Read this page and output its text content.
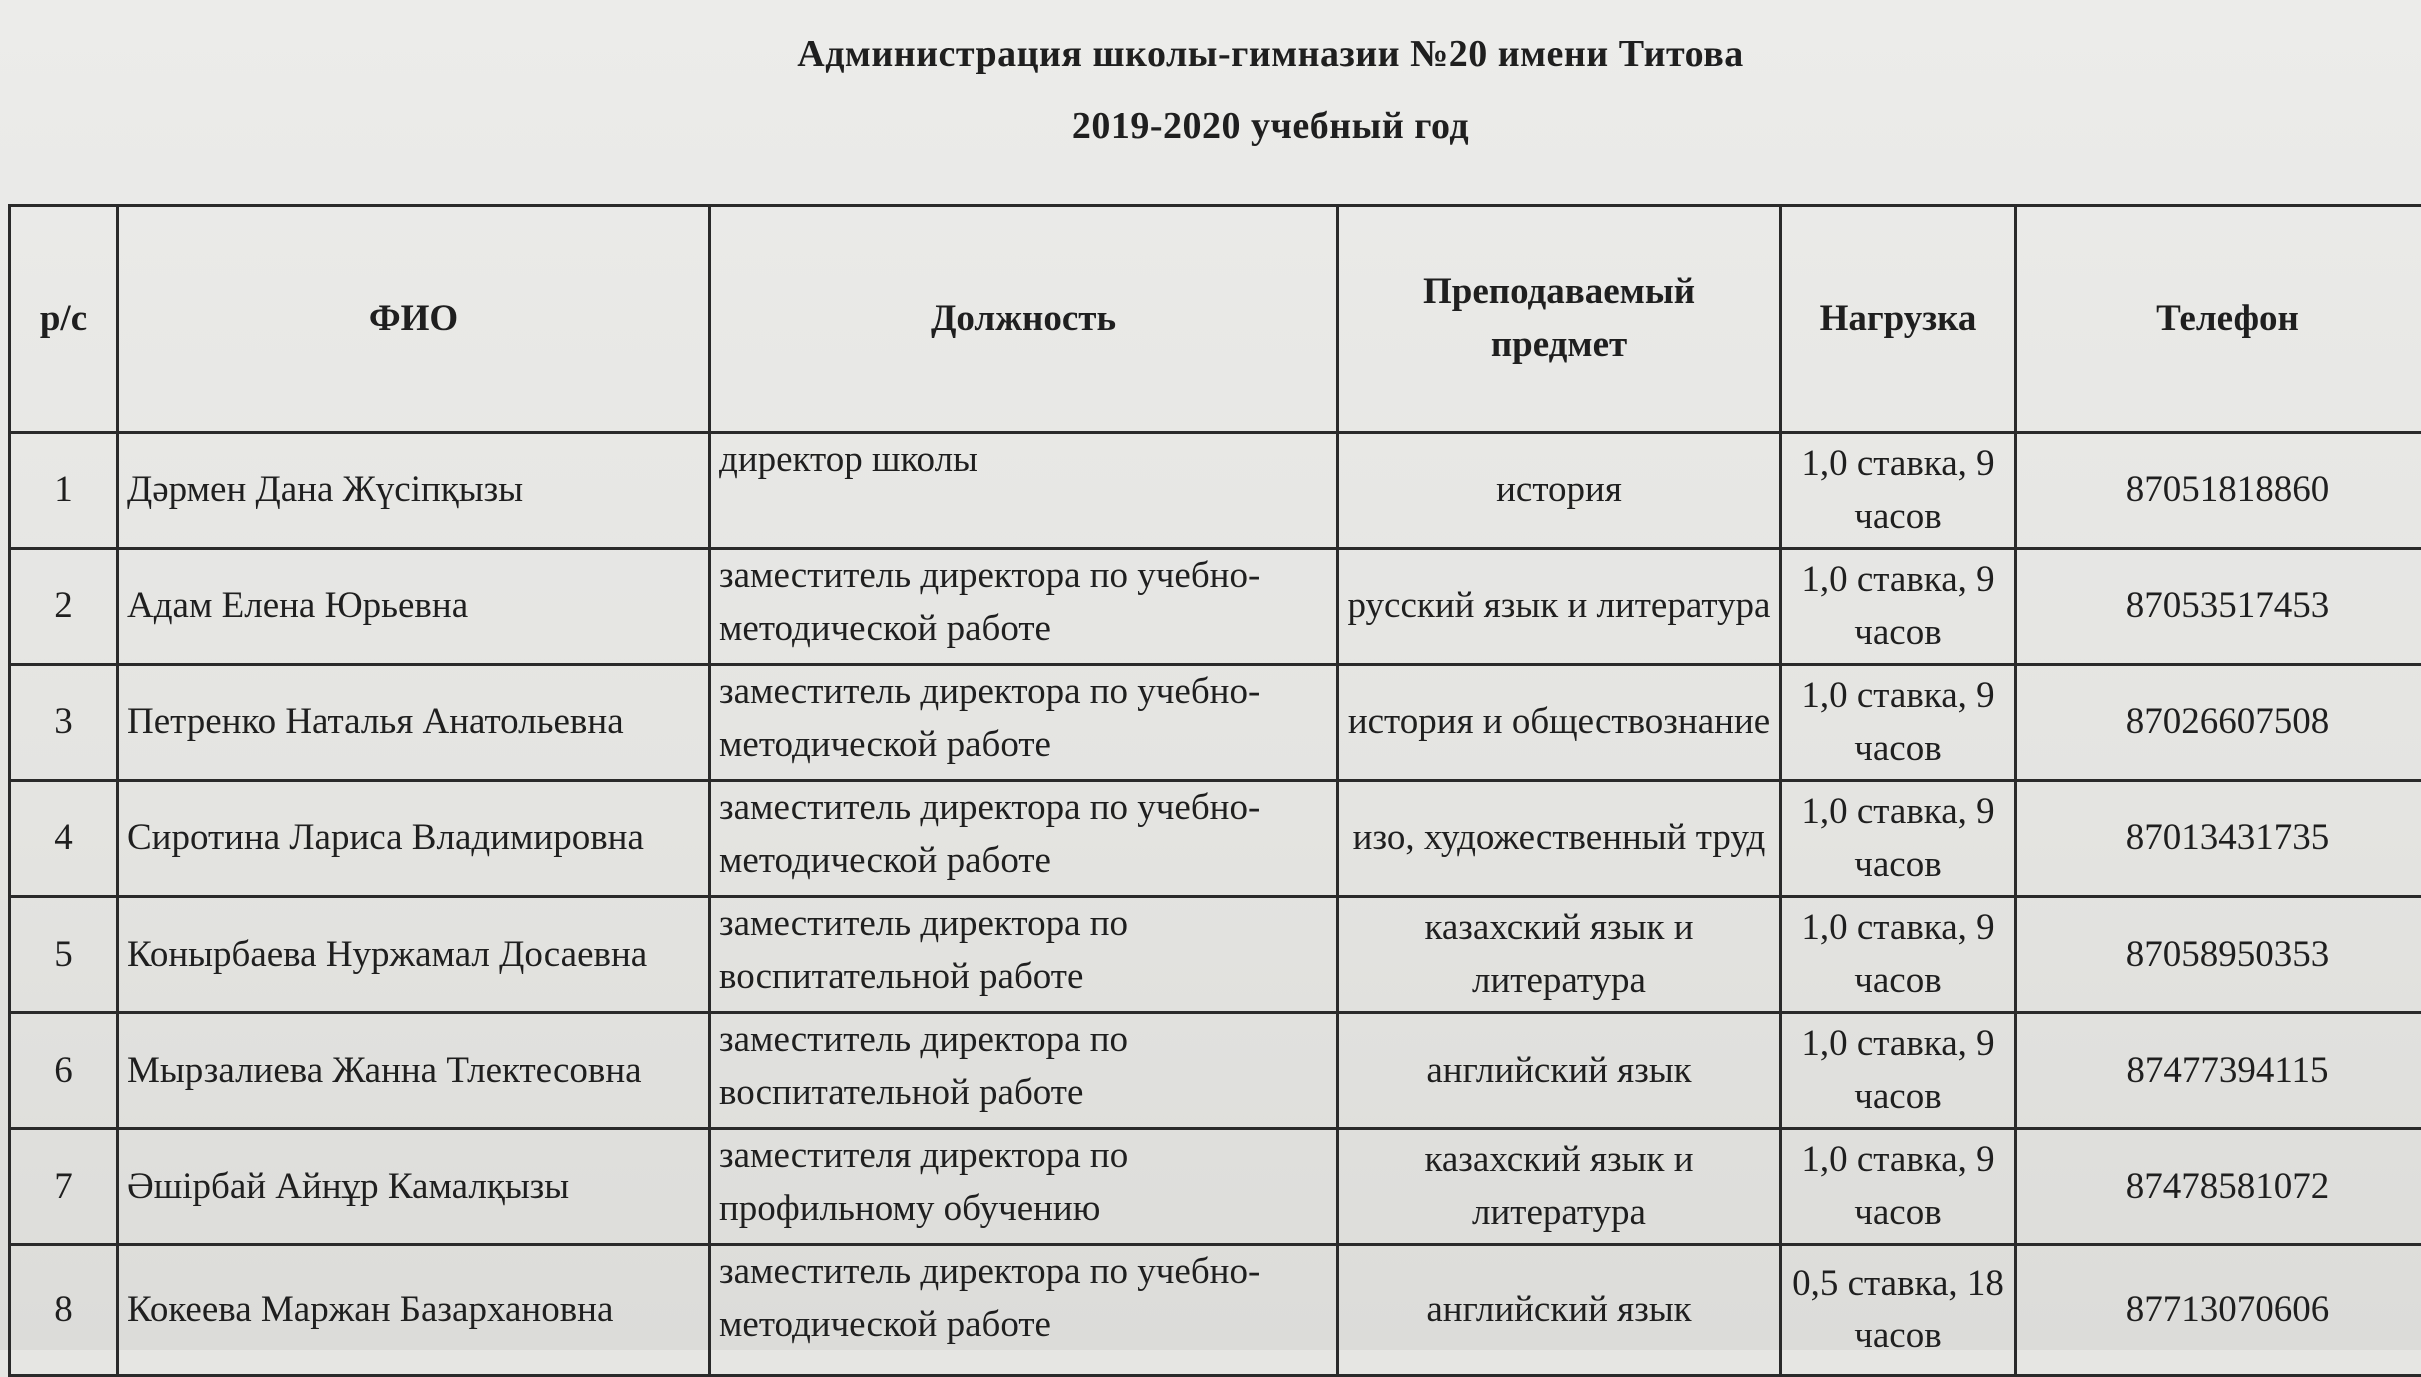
Администрация школы-гимназии №20 имени Титова
2019-2020 учебный год
р/с	ФИО	Должность	Преподаваемый предмет	Нагрузка	Телефон
1	Дәрмен Дана Жүсіпқызы	директор школы	история	1,0 ставка, 9 часов	87051818860
2	Адам Елена Юрьевна	заместитель директора по учебно-методической работе	русский язык и литература	1,0 ставка, 9 часов	87053517453
3	Петренко Наталья Анатольевна	заместитель директора по учебно-методической работе	история и обществознание	1,0 ставка, 9 часов	87026607508
4	Сиротина Лариса Владимировна	заместитель директора по учебно-методической работе	изо, художественный труд	1,0 ставка, 9 часов	87013431735
5	Конырбаева Нуржамал Досаевна	заместитель директора по воспитательной работе	казахский язык и литература	1,0 ставка, 9 часов	87058950353
6	Мырзалиева Жанна Тлектесовна	заместитель директора по воспитательной работе	английский язык	1,0 ставка, 9 часов	87477394115
7	Әшірбай Айнұр Камалқызы	заместителя директора по профильному обучению	казахский язык и литература	1,0 ставка, 9 часов	87478581072
8	Кокеева Маржан Базархановна	заместитель директора по учебно-методической работе	английский язык	0,5 ставка, 18 часов	87713070606
